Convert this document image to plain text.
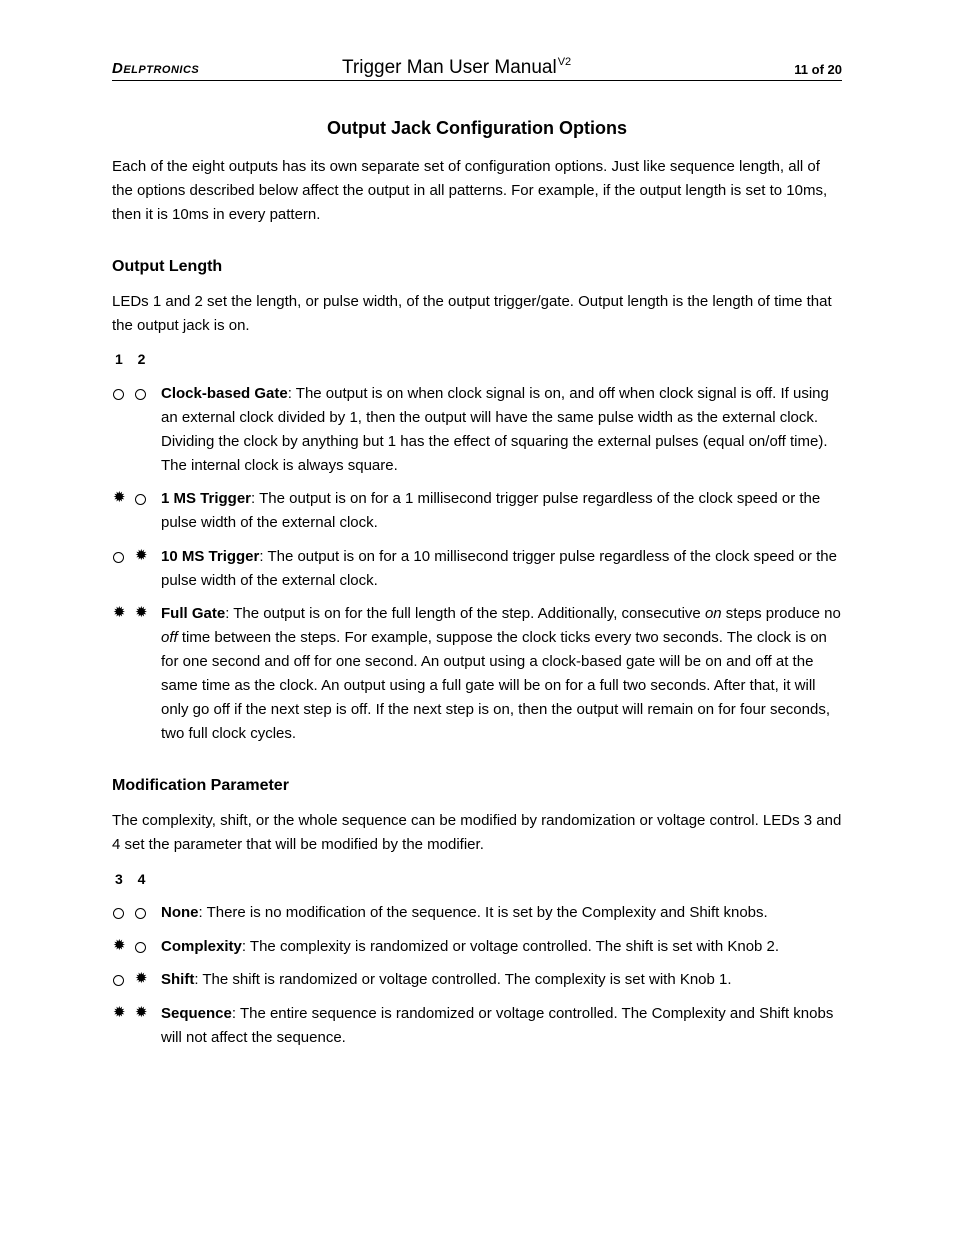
Delptronics	Trigger Man User Manual$^{V2}$	11 of 20
Output Jack Configuration Options
Each of the eight outputs has its own separate set of configuration options. Just like sequence length, all of the options described below affect the output in all patterns. For example, if the output length is set to 10ms, then it is 10ms in every pattern.
Output Length
LEDs 1 and 2 set the length, or pulse width, of the output trigger/gate. Output length is the length of time that the output jack is on.
1 2
Clock-based Gate: The output is on when clock signal is on, and off when clock signal is off. If using an external clock divided by 1, then the output will have the same pulse width as the external clock. Dividing the clock by anything but 1 has the effect of squaring the external pulses (equal on/off time). The internal clock is always square.
✹ 1 MS Trigger: The output is on for a 1 millisecond trigger pulse regardless of the clock speed or the pulse width of the external clock.
✹ 10 MS Trigger: The output is on for a 10 millisecond trigger pulse regardless of the clock speed or the pulse width of the external clock.
✹ ✹ Full Gate: The output is on for the full length of the step. Additionally, consecutive on steps produce no off time between the steps. For example, suppose the clock ticks every two seconds. The clock is on for one second and off for one second. An output using a clock-based gate will be on and off at the same time as the clock. An output using a full gate will be on for a full two seconds. After that, it will only go off if the next step is off. If the next step is on, then the output will remain on for four seconds, two full clock cycles.
Modification Parameter
The complexity, shift, or the whole sequence can be modified by randomization or voltage control. LEDs 3 and 4 set the parameter that will be modified by the modifier.
3 4
None: There is no modification of the sequence. It is set by the Complexity and Shift knobs.
✹ Complexity: The complexity is randomized or voltage controlled. The shift is set with Knob 2.
✹ Shift: The shift is randomized or voltage controlled. The complexity is set with Knob 1.
✹ ✹ Sequence: The entire sequence is randomized or voltage controlled. The Complexity and Shift knobs will not affect the sequence.
